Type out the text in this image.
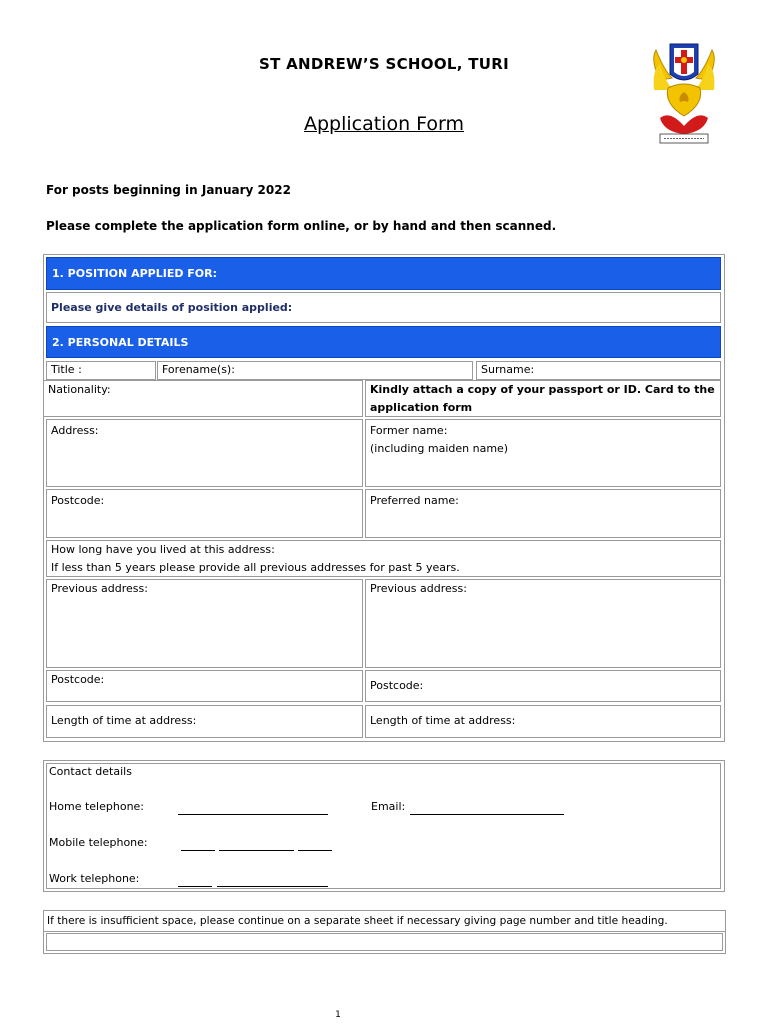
ST ANDREW’S SCHOOL, TURI
Application Form
For posts beginning in January 2022
Please complete the application form online, or by hand and then scanned.
1. POSITION APPLIED FOR:
Please give details of position applied:
2. PERSONAL DETAILS
Title :	Forename(s):	Surname:
Nationality:	Kindly attach a copy of your passport or ID. Card to the application form
Address:	Former name:
(including maiden name)
Postcode:	Preferred name:
How long have you lived at this address:
If less than 5 years please provide all previous addresses for past 5 years.
Previous address:	Previous address:
Postcode:	Postcode:
Length of time at address:	Length of time at address:
Contact details
Home telephone:	Email:
Mobile telephone:
Work telephone:
If there is insufficient space, please continue on a separate sheet if necessary giving page number and title heading.
1
